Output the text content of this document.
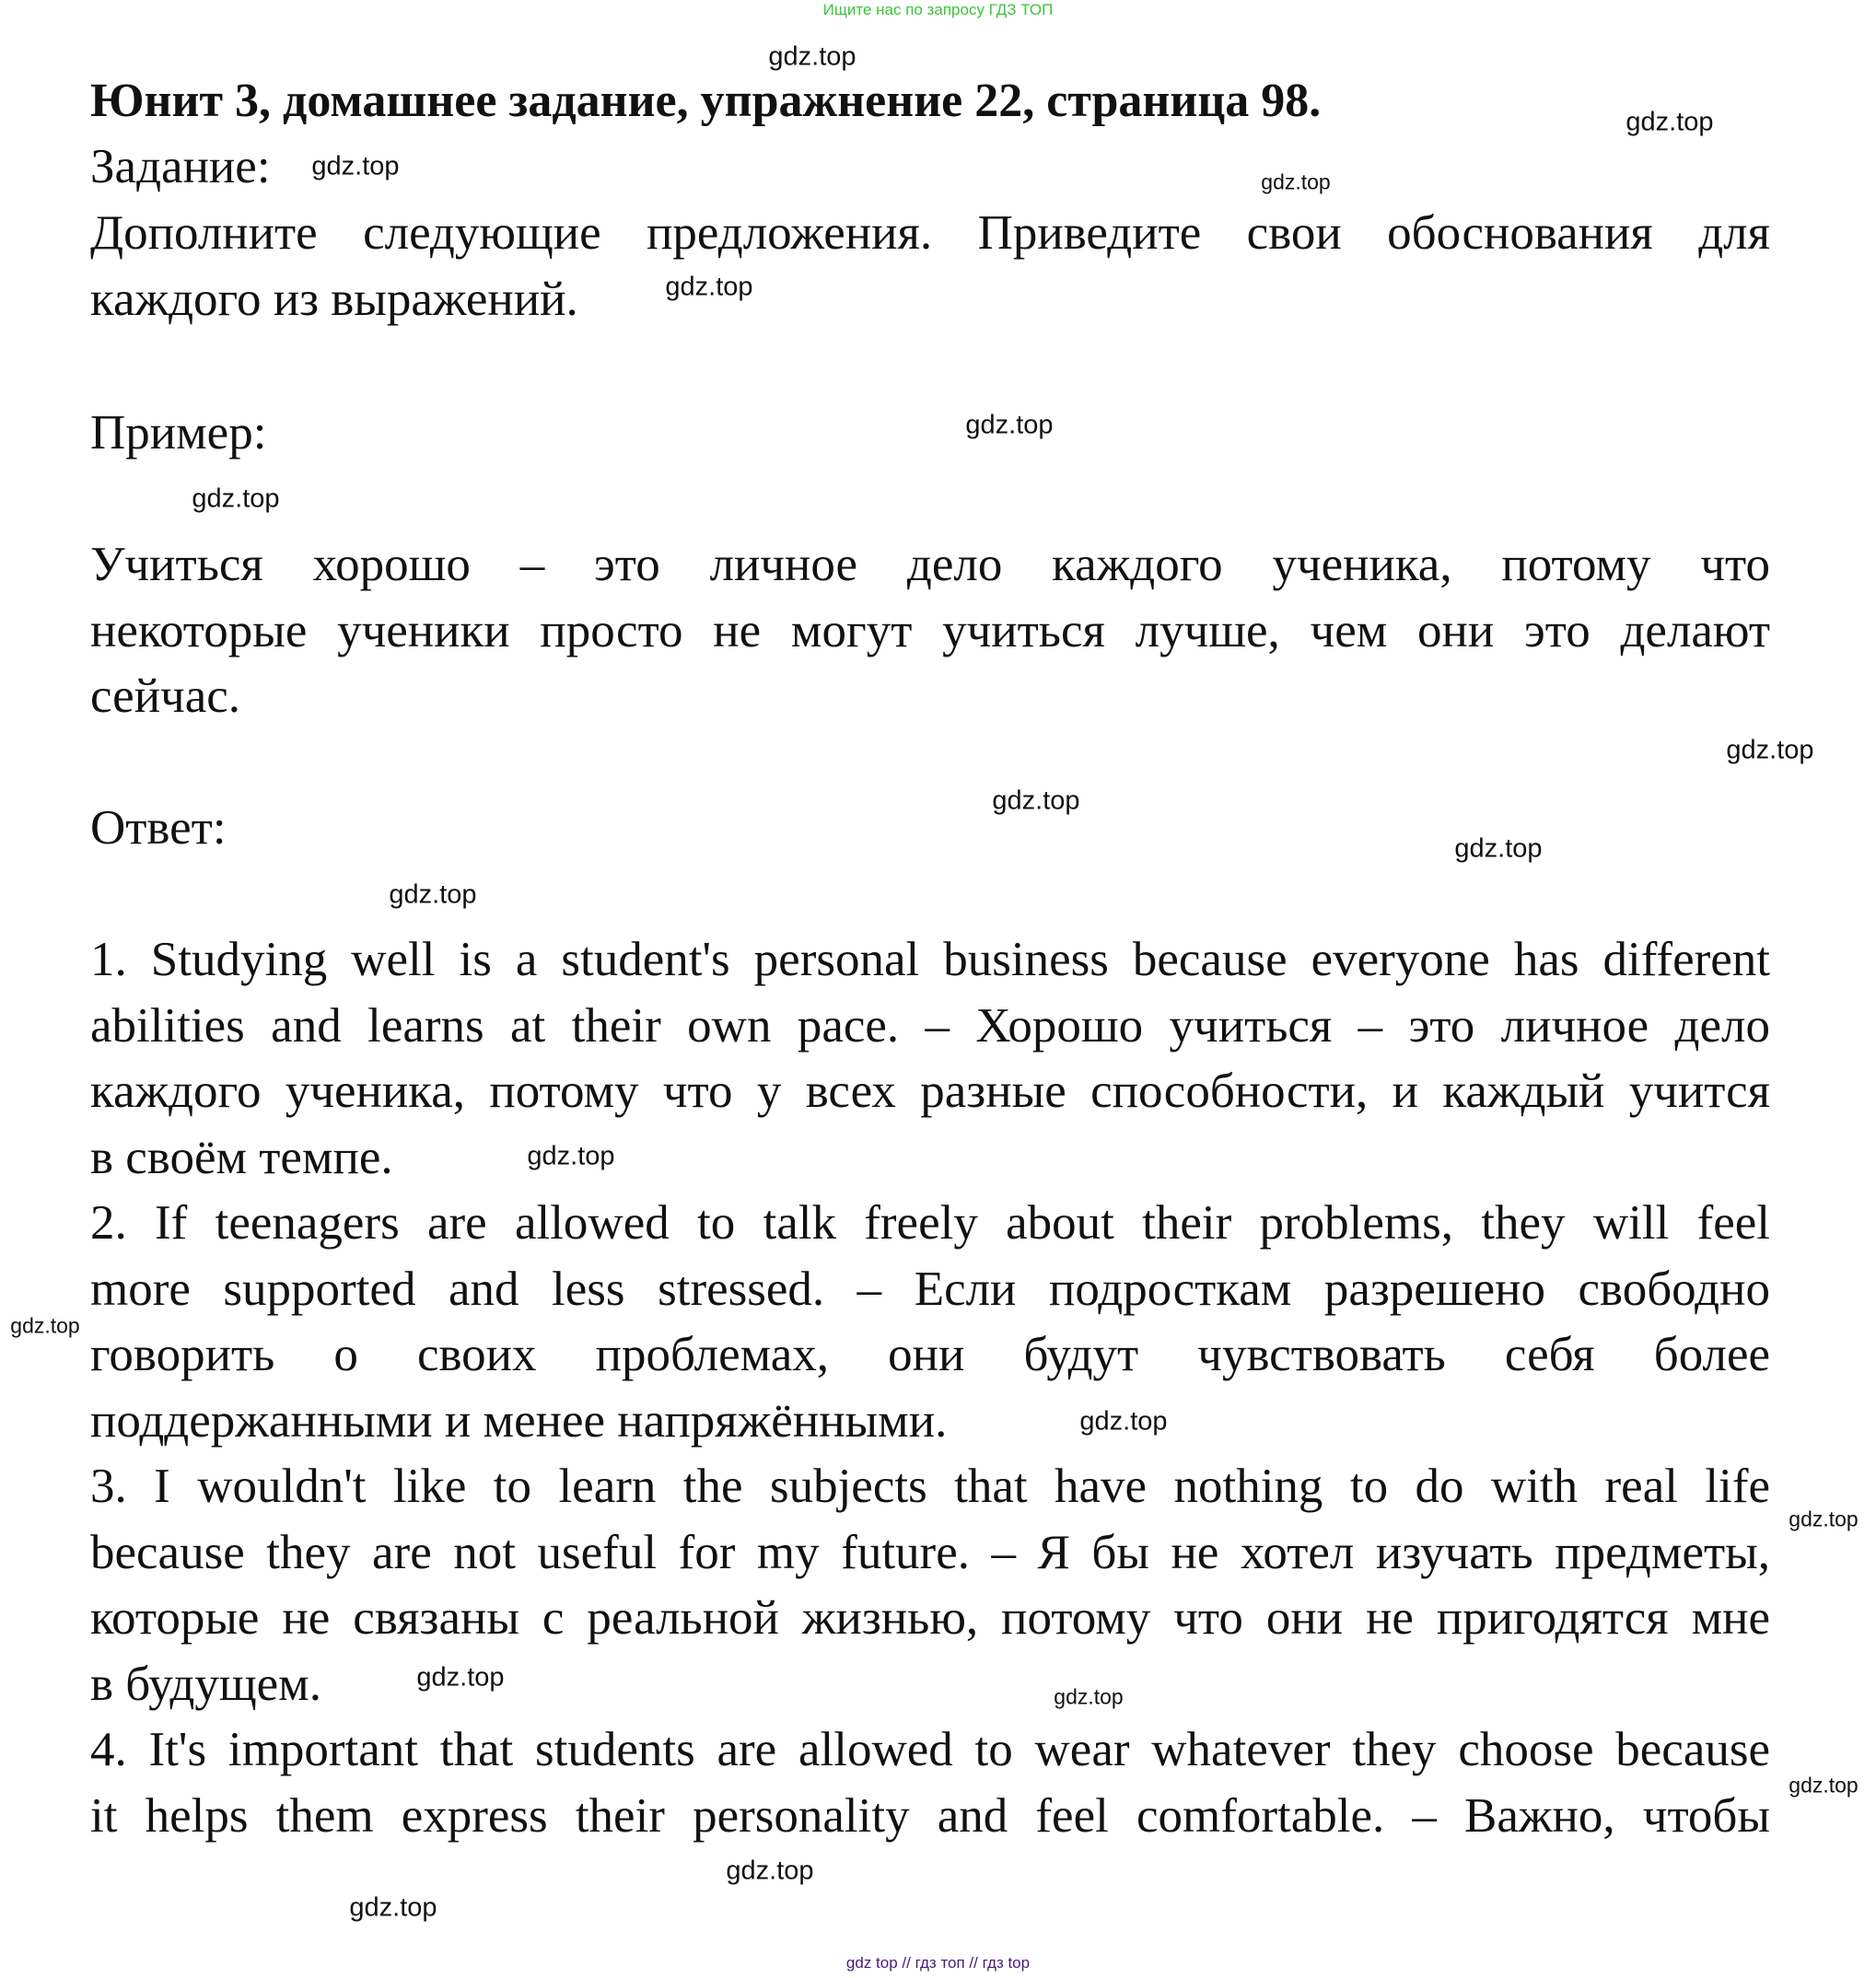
Ищите нас по запросу ГДЗ ТОП
Юнит 3, домашнее задание, упражнение 22, страница 98.
Задание:
Дополните следующие предложения. Приведите свои обоснования для
каждого из выражений.
Пример:
Учиться хорошо – это личное дело каждого ученика, потому что
некоторые ученики просто не могут учиться лучше, чем они это делают
сейчас.
Ответ:
1. Studying well is a student's personal business because everyone has different
abilities and learns at their own pace. – Хорошо учиться – это личное дело
каждого ученика, потому что у всех разные способности, и каждый учится
в своём темпе.
2. If teenagers are allowed to talk freely about their problems, they will feel
more supported and less stressed. – Если подросткам разрешено свободно
говорить о своих проблемах, они будут чувствовать себя более
поддержанными и менее напряжёнными.
3. I wouldn't like to learn the subjects that have nothing to do with real life
because they are not useful for my future. – Я бы не хотел изучать предметы,
которые не связаны с реальной жизнью, потому что они не пригодятся мне
в будущем.
4. It's important that students are allowed to wear whatever they choose because
it helps them express their personality and feel comfortable. – Важно, чтобы
gdz.top
gdz.top
gdz.top
gdz.top
gdz.top
gdz.top
gdz.top
gdz.top
gdz.top
gdz.top
gdz.top
gdz.top
gdz.top
gdz.top
gdz.top
gdz.top
gdz.top
gdz.top
gdz.top
gdz.top
gdz top // гдз топ // гдз top
